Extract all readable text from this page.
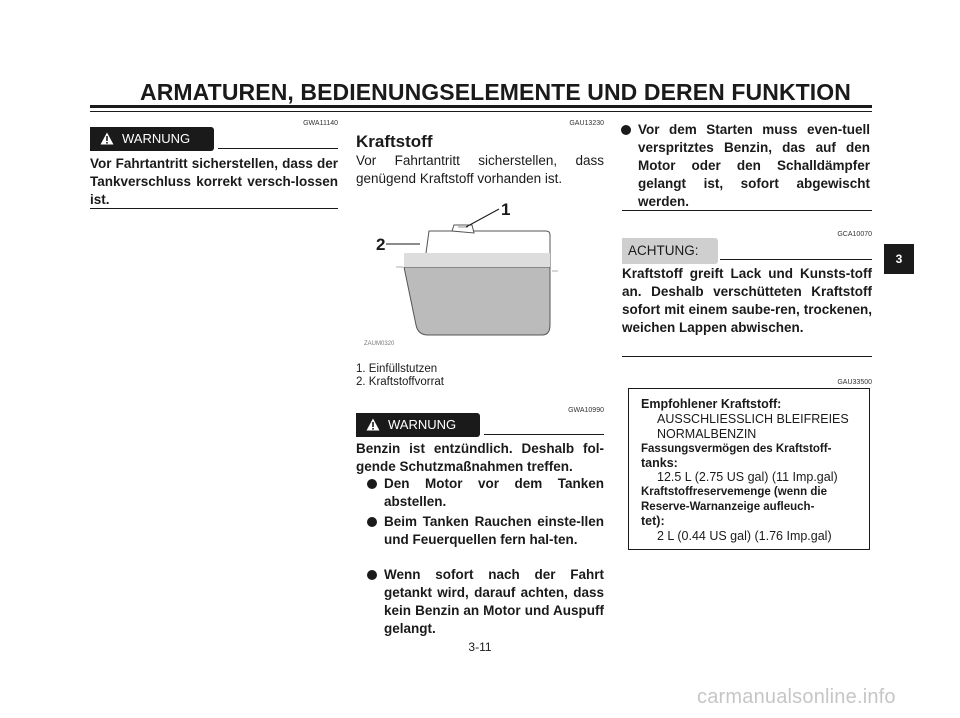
ARMATUREN, BEDIENUNGSELEMENTE UND DEREN FUNKTION
GWA11140
WARNUNG
Vor Fahrtantritt sicherstellen, dass der Tankverschluss korrekt versch-lossen ist.
GAU13230
Kraftstoff
Vor Fahrtantritt sicherstellen, dass genügend Kraftstoff vorhanden ist.
1
2
ZAUM0320
1. Einfüllstutzen
2. Kraftstoffvorrat
GWA10990
WARNUNG
Benzin ist entzündlich. Deshalb fol-gende Schutzmaßnahmen treffen.
Den Motor vor dem Tanken abstellen.
Beim Tanken Rauchen einste-llen und Feuerquellen fern hal-ten.
Wenn sofort nach der Fahrt getankt wird, darauf achten, dass kein Benzin an Motor und Auspuff gelangt.
Vor dem Starten muss even-tuell verspritztes Benzin, das auf den Motor oder den Schalldämpfer gelangt ist, sofort abgewischt werden.
GCA10070
ACHTUNG:
Kraftstoff greift Lack und Kunsts-toff an. Deshalb verschütteten Kraftstoff sofort mit einem saube-ren, trockenen, weichen Lappen abwischen.
GAU33500
Empfohlener Kraftstoff:
AUSSCHLIESSLICH BLEIFREIES
NORMALBENZIN
Fassungsvermögen des Kraftstoff-
tanks:
12.5 L (2.75 US gal) (11 Imp.gal)
Kraftstoffreservemenge (wenn die
Reserve-Warnanzeige aufleuch-
tet):
2 L (0.44 US gal) (1.76 Imp.gal)
3
3-11
carmanualsonline.info
